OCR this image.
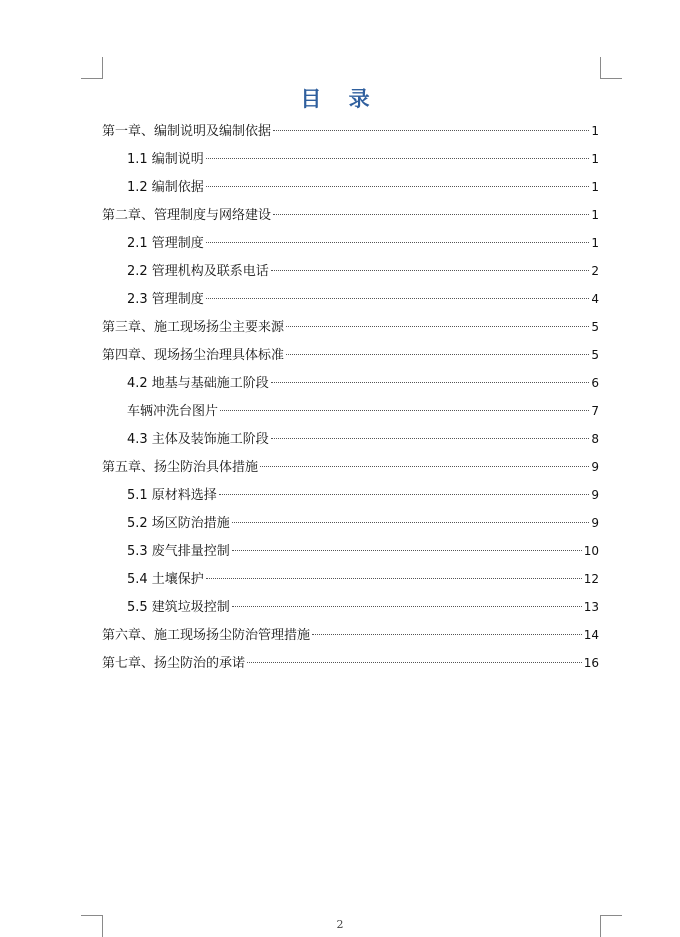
目 录
第一章、编制说明及编制依据	1
1.1 编制说明	1
1.2 编制依据	1
第二章、管理制度与网络建设	1
2.1 管理制度	1
2.2 管理机构及联系电话	2
2.3 管理制度	4
第三章、施工现场扬尘主要来源	5
第四章、现场扬尘治理具体标准	5
4.2 地基与基础施工阶段	6
车辆冲洗台图片	7
4.3 主体及装饰施工阶段	8
第五章、扬尘防治具体措施	9
5.1 原材料选择	9
5.2 场区防治措施	9
5.3 废气排量控制	10
5.4 土壤保护	12
5.5 建筑垃圾控制	13
第六章、施工现场扬尘防治管理措施	14
第七章、扬尘防治的承诺	16
2
